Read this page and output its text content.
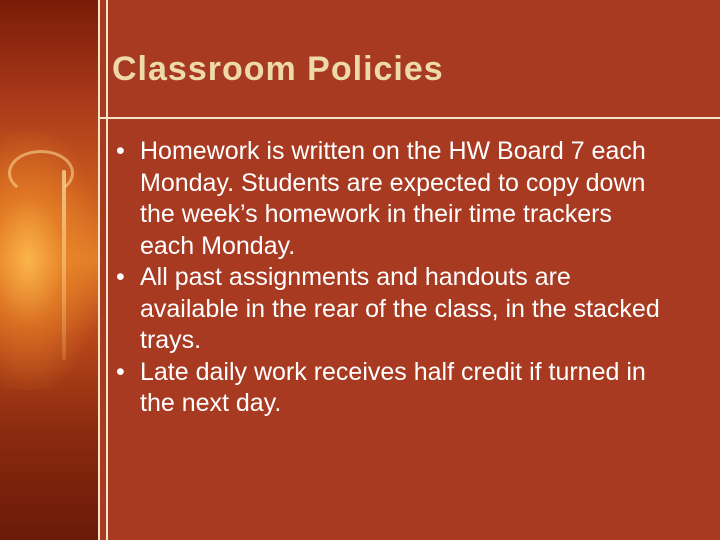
Classroom Policies
• Homework is written on the HW Board 7 each Monday. Students are expected to copy down the week’s homework in their time trackers each Monday.
• All past assignments and handouts are available in the rear of the class, in the stacked trays.
• Late daily work receives half credit if turned in the next day.
